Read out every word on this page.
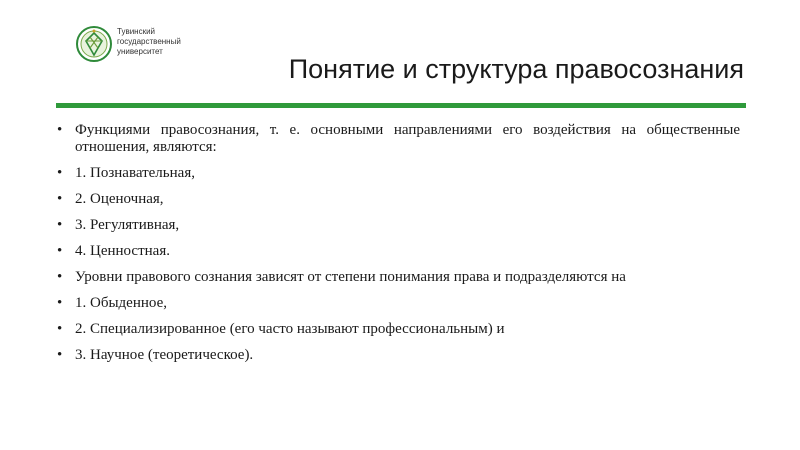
Тувинский
государственный
университет
Понятие и структура правосознания
• Функциями правосознания, т. е. основными направлениями его воздействия на общественные отношения, являются:
• 1. Познавательная,
• 2. Оценочная,
• 3. Регулятивная,
• 4. Ценностная.
• Уровни правового сознания зависят от степени понимания права и подразделяются на
• 1. Обыденное,
• 2. Специализированное (его часто называют профессиональным) и
• 3. Научное (теоретическое).
